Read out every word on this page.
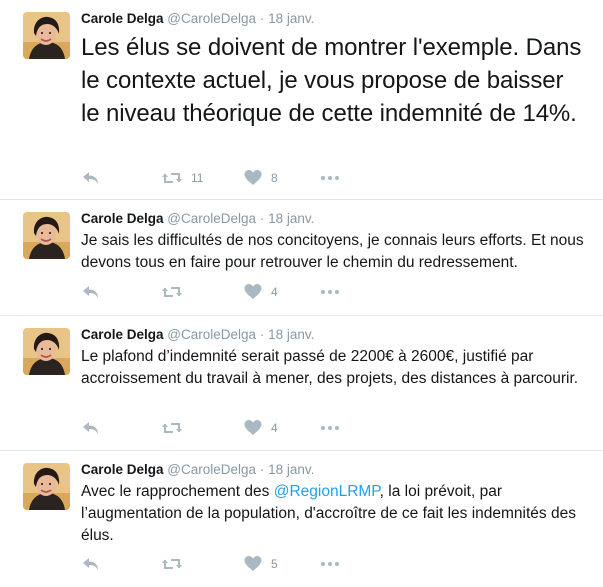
Carole Delga @CaroleDelga · 18 janv.
Les élus se doivent de montrer l'exemple. Dans le contexte actuel, je vous propose de baisser le niveau théorique de cette indemnité de 14%.
11	8
Carole Delga @CaroleDelga · 18 janv.
Je sais les difficultés de nos concitoyens, je connais leurs efforts. Et nous devons tous en faire pour retrouver le chemin du redressement.
4
Carole Delga @CaroleDelga · 18 janv.
Le plafond d’indemnité serait passé de 2200€ à 2600€, justifié par accroissement du travail à mener, des projets, des distances à parcourir.
4
Carole Delga @CaroleDelga · 18 janv.
Avec le rapprochement des @RegionLRMP, la loi prévoit, par l’augmentation de la population, d'accroître de ce fait les indemnités des élus.
5
